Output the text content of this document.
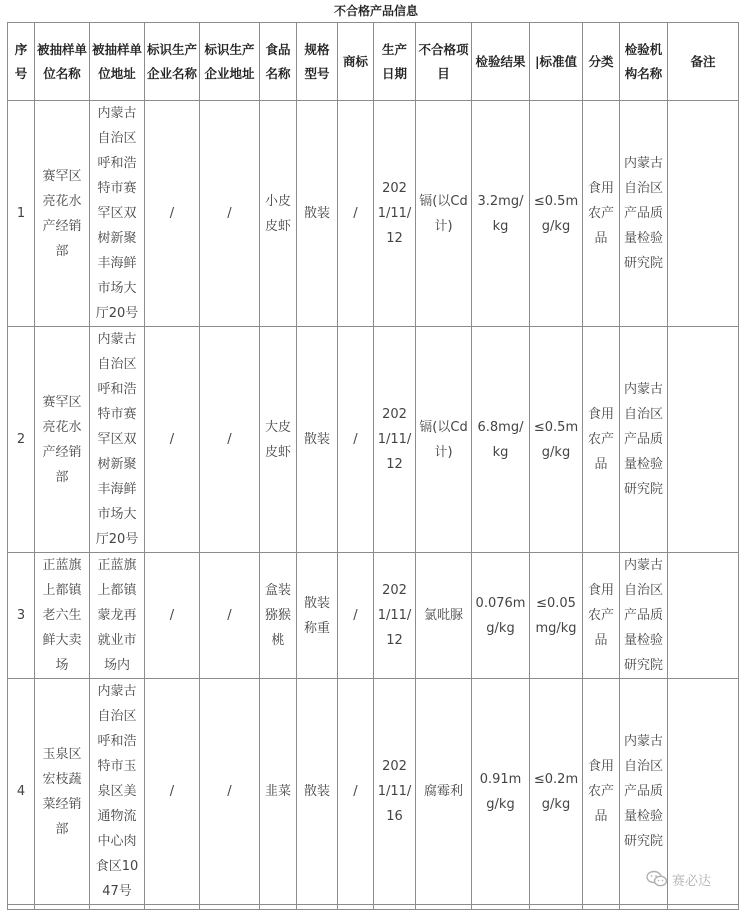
不合格产品信息
序号	被抽样单位名称	被抽样单位地址	标识生产企业名称	标识生产企业地址	食品名称	规格型号	商标	生产日期	不合格项目	检验结果	|标准值	分类	检验机构名称	备注
1	赛罕区亮花水产经销部	内蒙古自治区呼和浩特市赛罕区双树新聚丰海鲜市场大厅20号	/	/	小皮皮虾	散装	/	2021/11/12	镉(以Cd计)	3.2mg/kg	≤0.5mg/kg	食用农产品	内蒙古自治区产品质量检验研究院	
2	赛罕区亮花水产经销部	内蒙古自治区呼和浩特市赛罕区双树新聚丰海鲜市场大厅20号	/	/	大皮皮虾	散装	/	2021/11/12	镉(以Cd计)	6.8mg/kg	≤0.5mg/kg	食用农产品	内蒙古自治区产品质量检验研究院	
3	正蓝旗上都镇老六生鲜大卖场	正蓝旗上都镇蒙龙再就业市场内	/	/	盒装猕猴桃	散装称重	/	2021/11/12	氯吡脲	0.076mg/kg	≤0.05mg/kg	食用农产品	内蒙古自治区产品质量检验研究院	
4	玉泉区宏枝蔬菜经销部	内蒙古自治区呼和浩特市玉泉区美通物流中心肉食区1047号	/	/	韭菜	散装	/	2021/11/16	腐霉利	0.91mg/kg	≤0.2mg/kg	食用农产品	内蒙古自治区产品质量检验研究院	

赛必达
